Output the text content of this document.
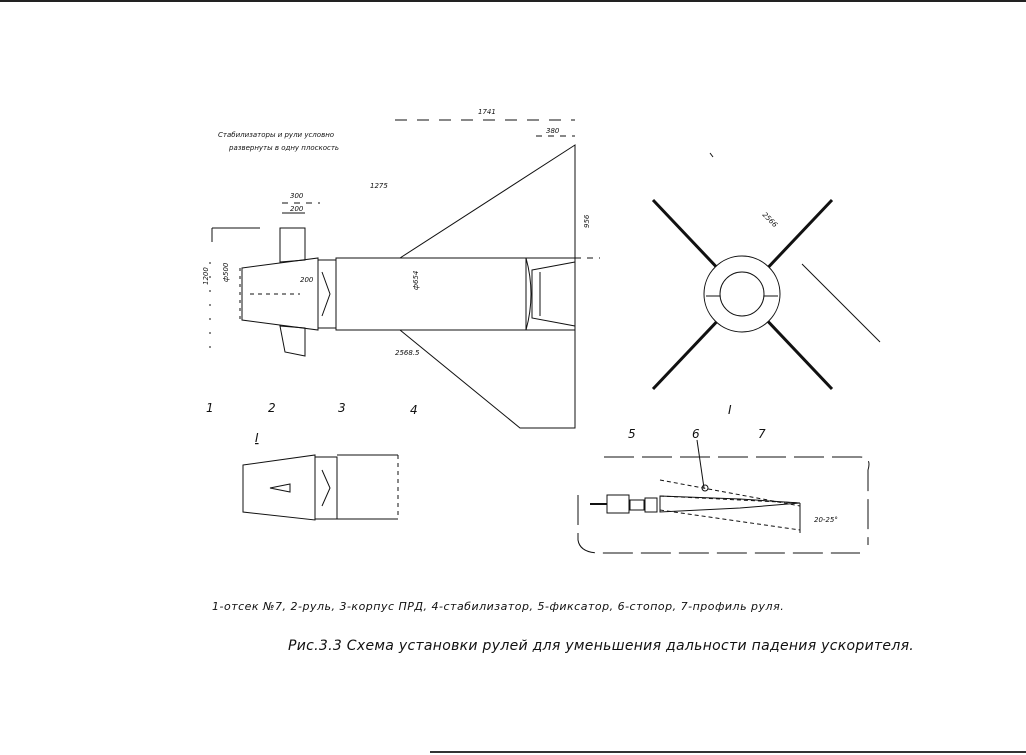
Стабилизаторы и рули условно
развернуты в одну плоскость
1741
380
1275
300
200
956
1200 ф500	200	ф654
2568.5
2566
20-25°
1	2	3	4
5	6	7
I
I
1-отсек №7, 2-руль, 3-корпус ПРД, 4-стабилизатор, 5-фиксатор, 6-стопор, 7-профиль руля.
Рис.3.3 Схема установки рулей для уменьшения дальности падения ускорителя.
